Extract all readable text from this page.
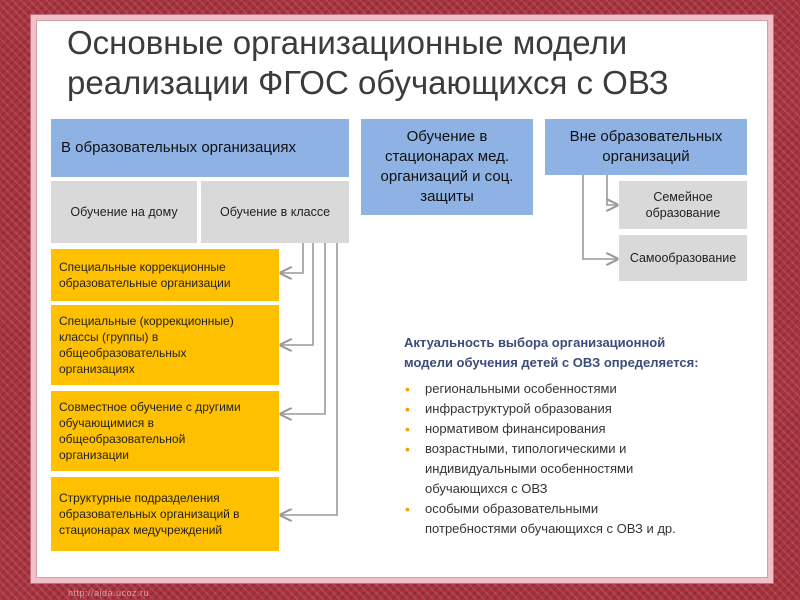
Основные организационные модели
реализации ФГОС обучающихся с ОВЗ
В образовательных организациях
Обучение на дому	Обучение в классе
Специальные коррекционные
образовательные организации
Специальные (коррекционные)
классы (группы) в
общеобразовательных
организациях
Совместное обучение с другими
обучающимися в
общеобразовательной
организации
Структурные подразделения
образовательных организаций в
стационарах медучреждений
Обучение в
стационарах мед.
организаций и соц.
защиты
Вне образовательных
организаций
Семейное
образование
Самообразование
Актуальность выбора организационной
модели обучения детей с ОВЗ определяется:
• региональными особенностями
• инфраструктурой образования
• нормативом финансирования
• возрастными, типологическими и
индивидуальными особенностями
обучающихся с ОВЗ
• особыми образовательными
потребностями обучающихся с ОВЗ и др.
http://aida.ucoz.ru
